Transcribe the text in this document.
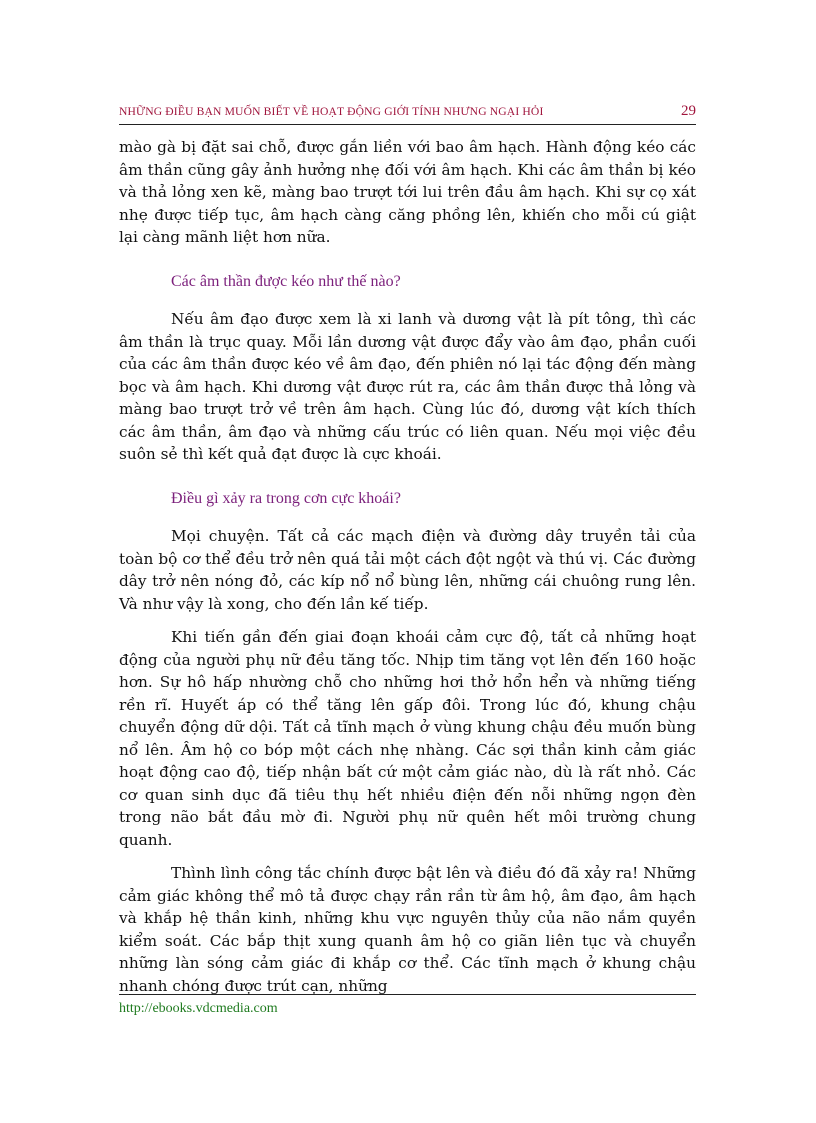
NHỮNG ĐIỀU BẠN MUỐN BIẾT VỀ HOẠT ĐỘNG GIỚI TÍNH NHƯNG NGẠI HỎI	29

mào gà bị đặt sai chỗ, được gắn liền với bao âm hạch. Hành động kéo các âm thần cũng gây ảnh hưởng nhẹ đối với âm hạch. Khi các âm thần bị kéo và thả lỏng xen kẽ, màng bao trượt tới lui trên đầu âm hạch. Khi sự cọ xát nhẹ được tiếp tục, âm hạch càng căng phồng lên, khiến cho mỗi cú giật lại càng mãnh liệt hơn nữa.

Các âm thần được kéo như thế nào?

Nếu âm đạo được xem là xi lanh và dương vật là pít tông, thì các âm thần là trục quay. Mỗi lần dương vật được đẩy vào âm đạo, phần cuối của các âm thần được kéo về âm đạo, đến phiên nó lại tác động đến màng bọc và âm hạch. Khi dương vật được rút ra, các âm thần được thả lỏng và màng bao trượt trở về trên âm hạch. Cùng lúc đó, dương vật kích thích các âm thần, âm đạo và những cấu trúc có liên quan. Nếu mọi việc đều suôn sẻ thì kết quả đạt được là cực khoái.

Điều gì xảy ra trong cơn cực khoái?

Mọi chuyện. Tất cả các mạch điện và đường dây truyền tải của toàn bộ cơ thể đều trở nên quá tải một cách đột ngột và thú vị. Các đường dây trở nên nóng đỏ, các kíp nổ nổ bùng lên, những cái chuông rung lên. Và như vậy là xong, cho đến lần kế tiếp.

Khi tiến gần đến giai đoạn khoái cảm cực độ, tất cả những hoạt động của người phụ nữ đều tăng tốc. Nhịp tim tăng vọt lên đến 160 hoặc hơn. Sự hô hấp nhường chỗ cho những hơi thở hổn hển và những tiếng rền rĩ. Huyết áp có thể tăng lên gấp đôi. Trong lúc đó, khung chậu chuyển động dữ dội. Tất cả tĩnh mạch ở vùng khung chậu đều muốn bùng nổ lên. Âm hộ co bóp một cách nhẹ nhàng. Các sợi thần kinh cảm giác hoạt động cao độ, tiếp nhận bất cứ một cảm giác nào, dù là rất nhỏ. Các cơ quan sinh dục đã tiêu thụ hết nhiều điện đến nỗi những ngọn đèn trong não bắt đầu mờ đi. Người phụ nữ quên hết môi trường chung quanh.

Thình lình công tắc chính được bật lên và điều đó đã xảy ra! Những cảm giác không thể mô tả được chạy rần rần từ âm hộ, âm đạo, âm hạch và khắp hệ thần kinh, những khu vực nguyên thủy của não nắm quyền kiểm soát. Các bắp thịt xung quanh âm hộ co giãn liên tục và chuyển những làn sóng cảm giác đi khắp cơ thể. Các tĩnh mạch ở khung chậu nhanh chóng được trút cạn, những

http://ebooks.vdcmedia.com
